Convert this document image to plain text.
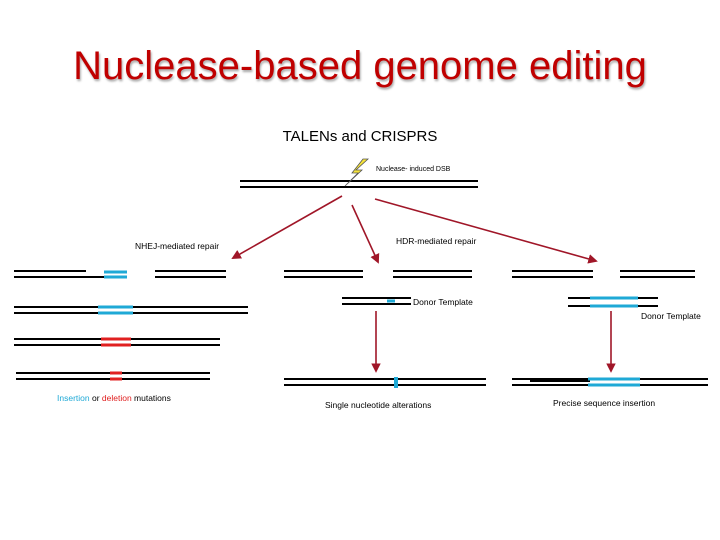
Nuclease-based genome editing
TALENs and CRISPRS
Nuclease- induced DSB
NHEJ-mediated repair	HDR-mediated repair
Donor Template
Donor Template
Insertion or deletion mutations
Single nucleotide alterations	Precise sequence insertion
